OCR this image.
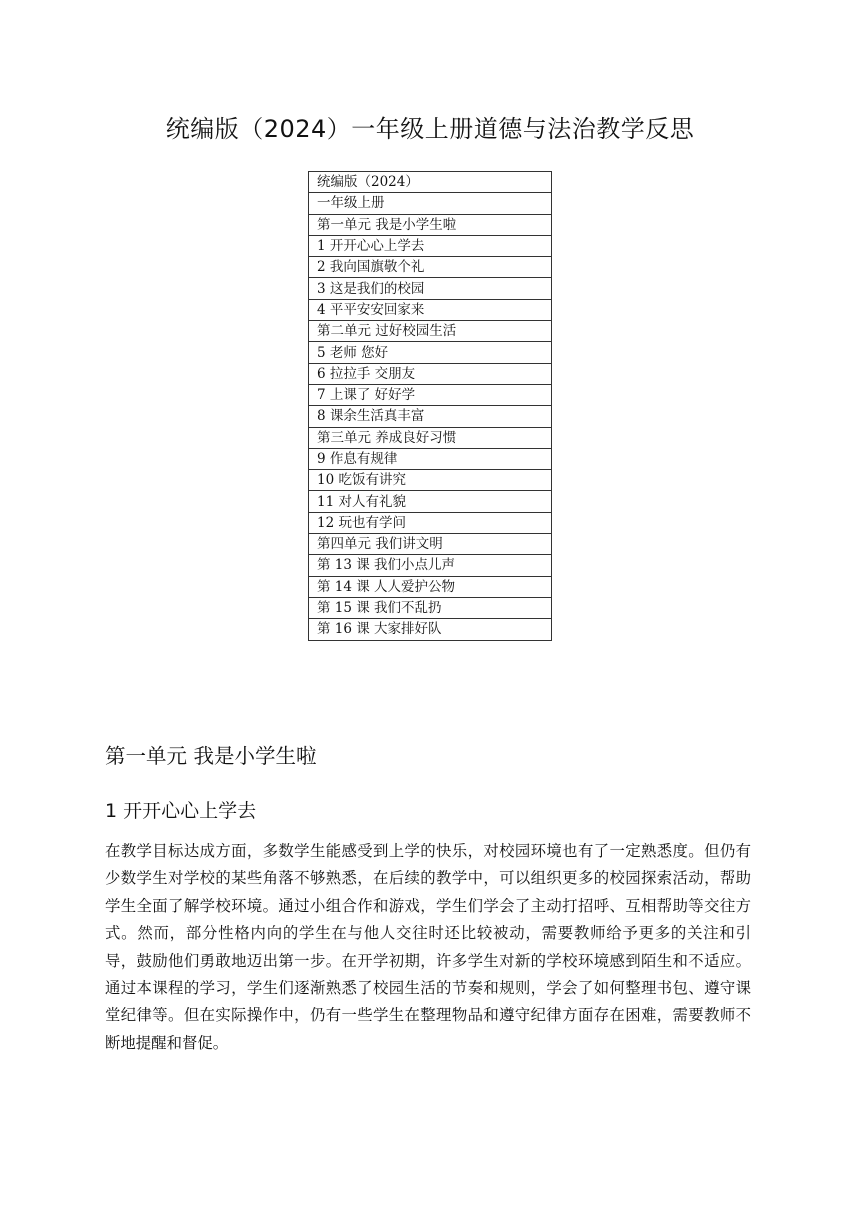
统编版（2024）一年级上册道德与法治教学反思
统编版（2024）
一年级上册
第一单元 我是小学生啦
1 开开心心上学去
2 我向国旗敬个礼
3 这是我们的校园
4 平平安安回家来
第二单元 过好校园生活
5 老师 您好
6 拉拉手 交朋友
7 上课了 好好学
8 课余生活真丰富
第三单元 养成良好习惯
9 作息有规律
10 吃饭有讲究
11 对人有礼貌
12 玩也有学问
第四单元 我们讲文明
第 13 课 我们小点儿声
第 14 课 人人爱护公物
第 15 课 我们不乱扔
第 16 课 大家排好队
第一单元 我是小学生啦
1 开开心心上学去

在教学目标达成方面，多数学生能感受到上学的快乐，对校园环境也有了一定熟悉度。但仍有少数学生对学校的某些角落不够熟悉，在后续的教学中，可以组织更多的校园探索活动，帮助学生全面了解学校环境。通过小组合作和游戏，学生们学会了主动打招呼、互相帮助等交往方式。然而，部分性格内向的学生在与他人交往时还比较被动，需要教师给予更多的关注和引导，鼓励他们勇敢地迈出第一步。在开学初期，许多学生对新的学校环境感到陌生和不适应。通过本课程的学习，学生们逐渐熟悉了校园生活的节奏和规则，学会了如何整理书包、遵守课堂纪律等。但在实际操作中，仍有一些学生在整理物品和遵守纪律方面存在困难，需要教师不断地提醒和督促。
